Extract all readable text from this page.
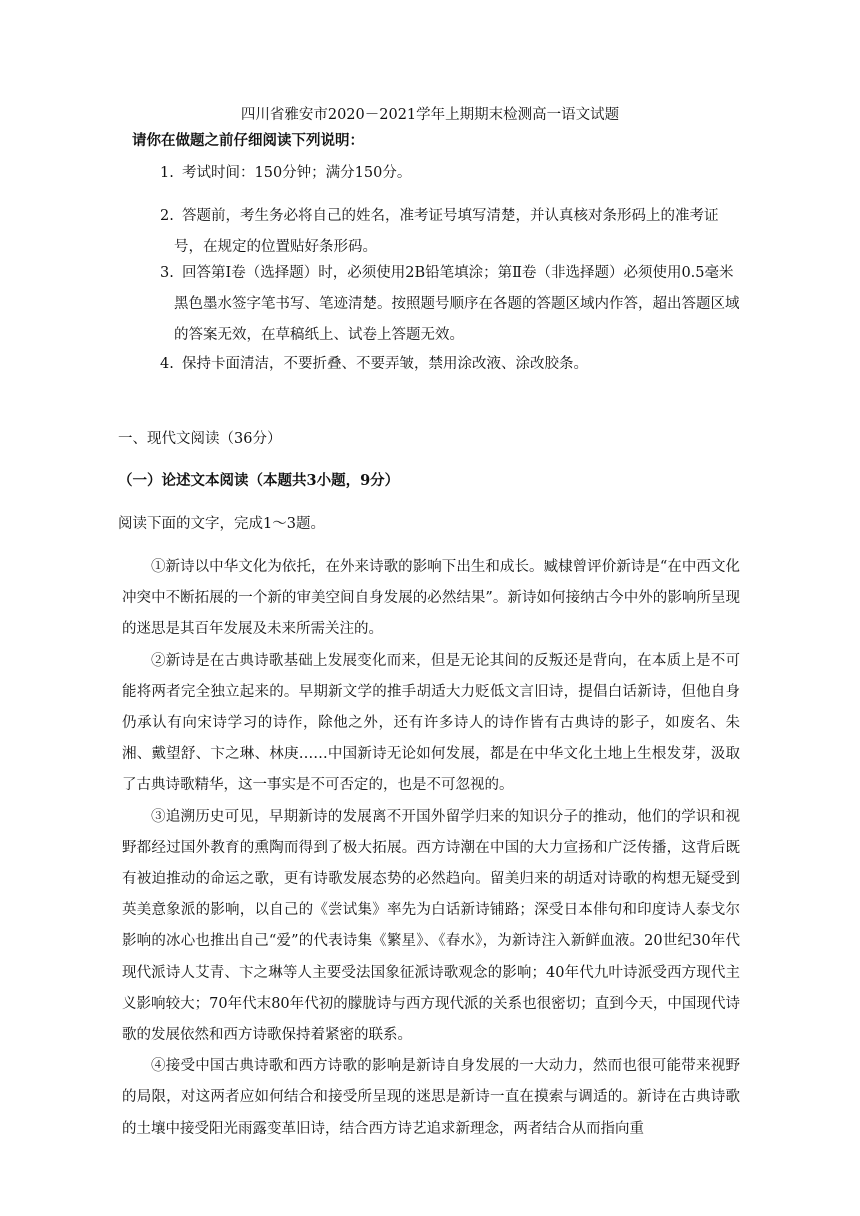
四川省雅安市2020－2021学年上期期末检测高一语文试题
请你在做题之前仔细阅读下列说明：
1. 考试时间：150分钟；满分150分。
2. 答题前，考生务必将自己的姓名，准考证号填写清楚，并认真核对条形码上的准考证号，在规定的位置贴好条形码。
3. 回答第Ⅰ卷（选择题）时，必须使用2B铅笔填涂；第Ⅱ卷（非选择题）必须使用0.5毫米黑色墨水签字笔书写、笔迹清楚。按照题号顺序在各题的答题区域内作答，超出答题区域的答案无效，在草稿纸上、试卷上答题无效。
4. 保持卡面清洁，不要折叠、不要弄皱，禁用涂改液、涂改胶条。
一、现代文阅读（36分）
（一）论述文本阅读（本题共3小题，9分）
阅读下面的文字，完成1～3题。

①新诗以中华文化为依托，在外来诗歌的影响下出生和成长。臧棣曾评价新诗是“在中西文化冲突中不断拓展的一个新的审美空间自身发展的必然结果”。新诗如何接纳古今中外的影响所呈现的迷思是其百年发展及未来所需关注的。

②新诗是在古典诗歌基础上发展变化而来，但是无论其间的反叛还是背向，在本质上是不可能将两者完全独立起来的。早期新文学的推手胡适大力贬低文言旧诗，提倡白话新诗，但他自身仍承认有向宋诗学习的诗作，除他之外，还有许多诗人的诗作皆有古典诗的影子，如废名、朱湘、戴望舒、卞之琳、林庚……中国新诗无论如何发展，都是在中华文化土地上生根发芽，汲取了古典诗歌精华，这一事实是不可否定的，也是不可忽视的。

③追溯历史可见，早期新诗的发展离不开国外留学归来的知识分子的推动，他们的学识和视野都经过国外教育的熏陶而得到了极大拓展。西方诗潮在中国的大力宣扬和广泛传播，这背后既有被迫推动的命运之歌，更有诗歌发展态势的必然趋向。留美归来的胡适对诗歌的构想无疑受到英美意象派的影响，以自己的《尝试集》率先为白话新诗铺路；深受日本俳句和印度诗人泰戈尔影响的冰心也推出自己“爱”的代表诗集《繁星》、《春水》，为新诗注入新鲜血液。20世纪30年代现代派诗人艾青、卞之琳等人主要受法国象征派诗歌观念的影响；40年代九叶诗派受西方现代主义影响较大；70年代末80年代初的朦胧诗与西方现代派的关系也很密切；直到今天，中国现代诗歌的发展依然和西方诗歌保持着紧密的联系。

④接受中国古典诗歌和西方诗歌的影响是新诗自身发展的一大动力，然而也很可能带来视野的局限，对这两者应如何结合和接受所呈现的迷思是新诗一直在摸索与调适的。新诗在古典诗歌的土壤中接受阳光雨露变革旧诗，结合西方诗艺追求新理念，两者结合从而指向重
